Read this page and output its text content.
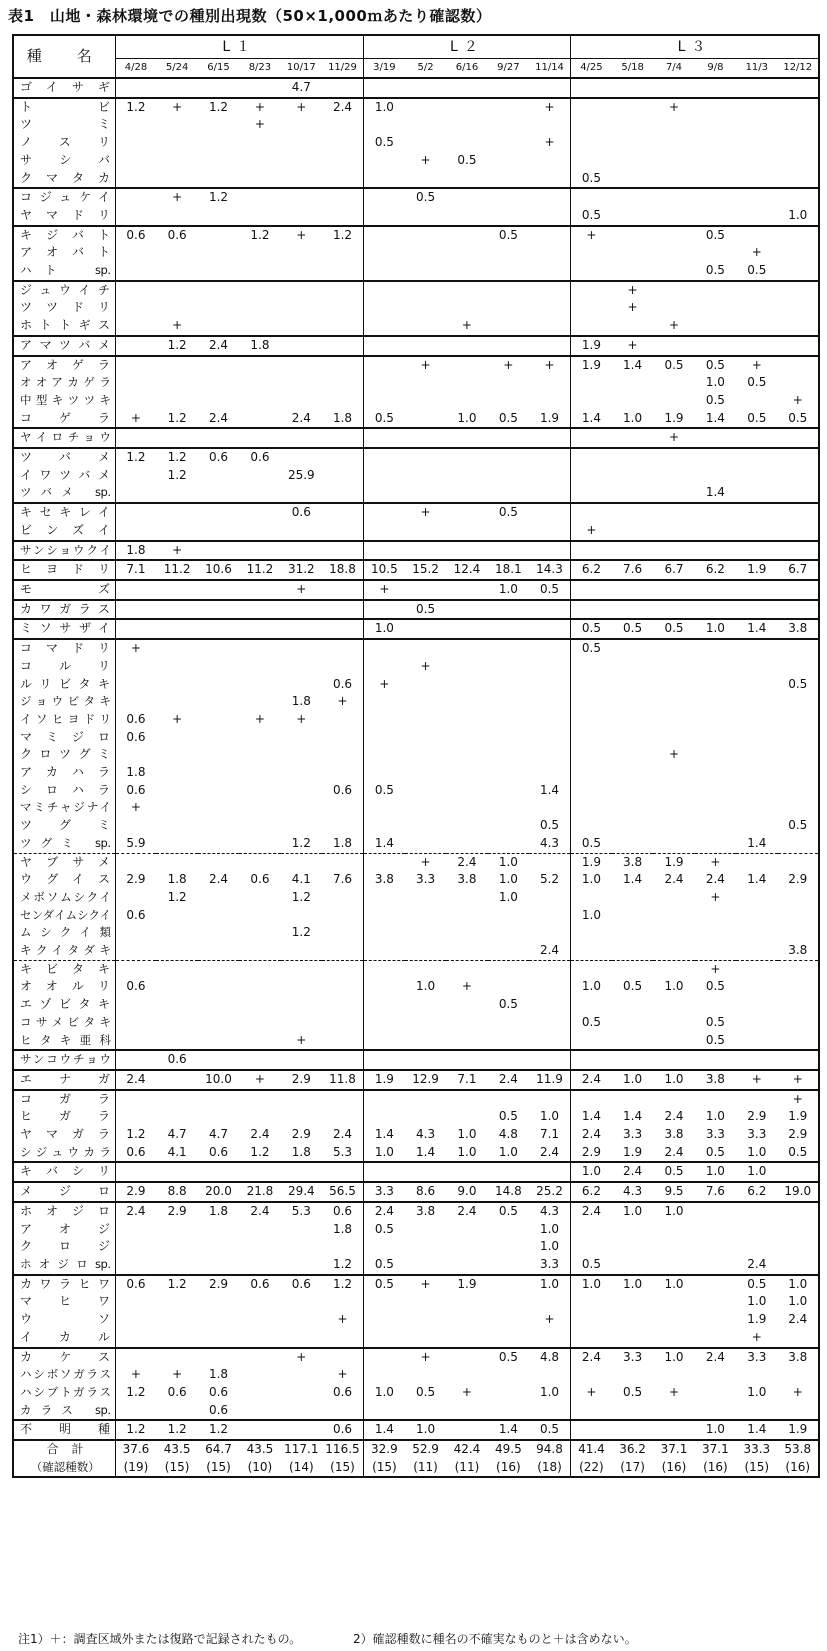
表1　山地・森林環境での種別出現数（50×1,000ｍあたり確認数）
種　名	L１						L２					L３					
	4/28	5/24	6/15	8/23	10/17	11/29	3/19	5/2	6/16	9/27	11/14	4/25	5/18	7/4	9/8	11/3	12/12
ゴイサギ					4.7												
トビ	1.2	+	1.2	+	+	2.4	1.0				+			+			
ツミ				+													
ノスリ							0.5				+						
サシバ								+	0.5								
クマタカ												0.5					
コジュケイ		+	1.2					0.5									
ヤマドリ												0.5					1.0
キジバト	0.6	0.6		1.2	+	1.2				0.5		+			0.5		
アオバト																+	
ハト　sp.															0.5	0.5	
ジュウイチ													+				
ツツドリ													+				
ホトトギス		+							+					+			
アマツバメ		1.2	2.4	1.8								1.9	+				
アオゲラ								+		+	+	1.9	1.4	0.5	0.5	+	
オオアカゲラ															1.0	0.5	
中型キツツキ															0.5		+
コゲラ	+	1.2	2.4		2.4	1.8	0.5		1.0	0.5	1.9	1.4	1.0	1.9	1.4	0.5	0.5
ヤイロチョウ														+			
ツバメ	1.2	1.2	0.6	0.6													
イワツバメ		1.2			25.9												
ツバメ sp.															1.4		
キセキレイ					0.6			+		0.5							
ビンズイ												+					
サンショウクイ	1.8	+															
ヒヨドリ	7.1	11.2	10.6	11.2	31.2	18.8	10.5	15.2	12.4	18.1	14.3	6.2	7.6	6.7	6.2	1.9	6.7
モズ					+		+			1.0	0.5						
カワガラス								0.5									
ミソサザイ							1.0					0.5	0.5	0.5	1.0	1.4	3.8
コマドリ	+											0.5					
コルリ								+									
ルリビタキ						0.6	+										0.5
ジョウビタキ					1.8	+											
イソヒヨドリ	0.6	+		+	+												
マミジロ	0.6																
クロツグミ														+			
アカハラ	1.8																
シロハラ	0.6					0.6	0.5				1.4						
マミチャジナイ	+																
ツグミ											0.5						0.5
ツグミ sp.	5.9				1.2	1.8	1.4				4.3	0.5				1.4	
ヤブサメ								+	2.4	1.0		1.9	3.8	1.9	+		
ウグイス	2.9	1.8	2.4	0.6	4.1	7.6	3.8	3.3	3.8	1.0	5.2	1.0	1.4	2.4	2.4	1.4	2.9
メボソムシクイ		1.2			1.2					1.0					+		
センダイムシクイ	0.6											1.0					
ムシクイ類					1.2												
キクイタダキ											2.4						3.8
キビタキ															+		
オオルリ	0.6							1.0	+			1.0	0.5	1.0	0.5		
エゾビタキ										0.5							
コサメビタキ												0.5			0.5		
ヒタキ亜科					+										0.5		
サンコウチョウ		0.6															
エナガ	2.4		10.0	+	2.9	11.8	1.9	12.9	7.1	2.4	11.9	2.4	1.0	1.0	3.8	+	+
コガラ																	+
ヒガラ										0.5	1.0	1.4	1.4	2.4	1.0	2.9	1.9
ヤマガラ	1.2	4.7	4.7	2.4	2.9	2.4	1.4	4.3	1.0	4.8	7.1	2.4	3.3	3.8	3.3	3.3	2.9
シジュウカラ	0.6	4.1	0.6	1.2	1.8	5.3	1.0	1.4	1.0	1.0	2.4	2.9	1.9	2.4	0.5	1.0	0.5
キバシリ												1.0	2.4	0.5	1.0	1.0	
メジロ	2.9	8.8	20.0	21.8	29.4	56.5	3.3	8.6	9.0	14.8	25.2	6.2	4.3	9.5	7.6	6.2	19.0
ホオジロ	2.4	2.9	1.8	2.4	5.3	0.6	2.4	3.8	2.4	0.5	4.3	2.4	1.0	1.0			
アオジ						1.8	0.5				1.0						
クロジ											1.0						
ホオジロsp.						1.2	0.5				3.3	0.5				2.4	
カワラヒワ	0.6	1.2	2.9	0.6	0.6	1.2	0.5	+	1.9		1.0	1.0	1.0	1.0		0.5	1.0
マヒワ																1.0	1.0
ウソ						+					+					1.9	2.4
イカル																+	
カケス					+			+		0.5	4.8	2.4	3.3	1.0	2.4	3.3	3.8
ハシボソガラス	+	+	1.8			+											
ハシブトガラス	1.2	0.6	0.6			0.6	1.0	0.5	+		1.0	+	0.5	+		1.0	+
カラス sp.			0.6														
不明種	1.2	1.2	1.2			0.6	1.4	1.0		1.4	0.5				1.0	1.4	1.9
合　計	37.6	43.5	64.7	43.5	117.1	116.5	32.9	52.9	42.4	49.5	94.8	41.4	36.2	37.1	37.1	33.3	53.8
（確認種数）	(19)	(15)	(15)	(10)	(14)	(15)	(15)	(11)	(11)	(16)	(18)	(22)	(17)	(16)	(16)	(15)	(16)
注1）＋：調査区域外または復路で記録されたもの。	2）確認種数に種名の不確実なものと＋は含めない。
